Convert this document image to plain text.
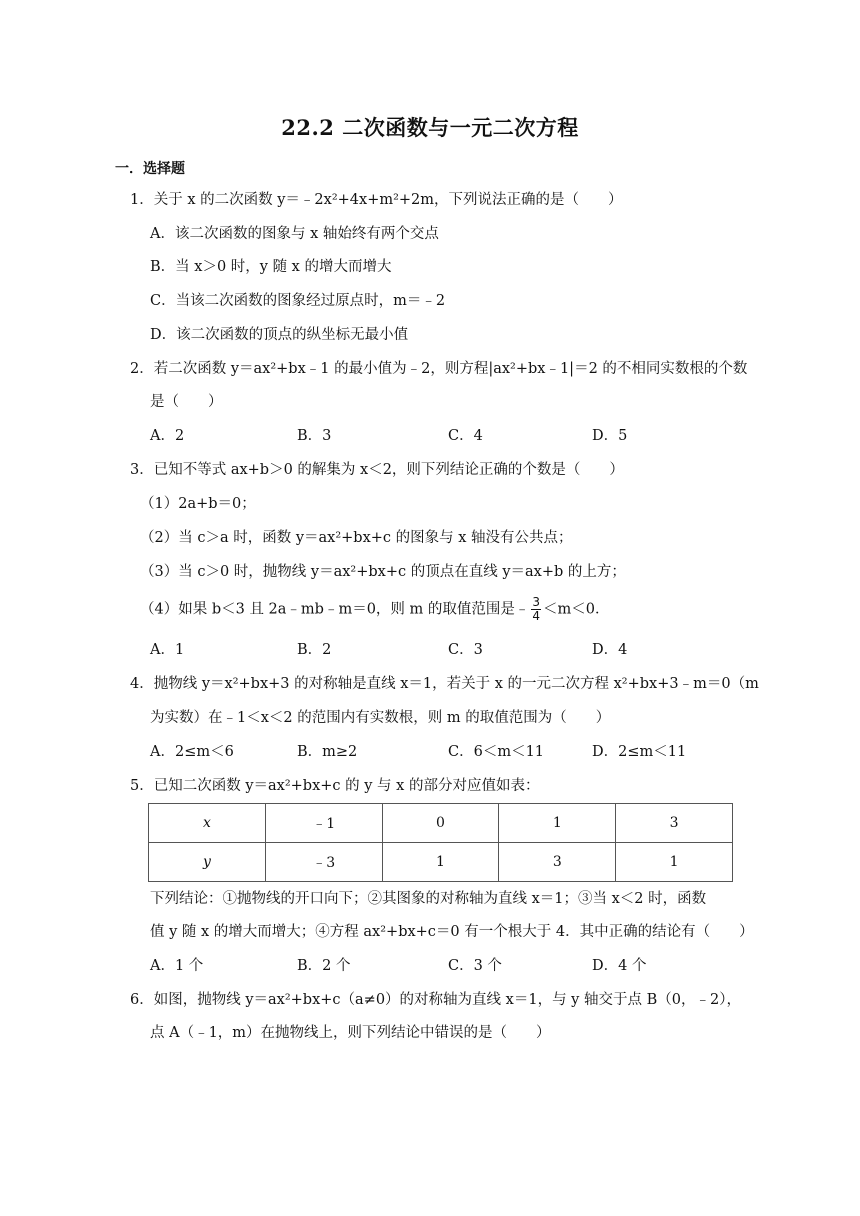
22.2 二次函数与一元二次方程
一．选择题
1．关于 x 的二次函数 y＝﹣2x²+4x+m²+2m，下列说法正确的是（　　）
A．该二次函数的图象与 x 轴始终有两个交点
B．当 x＞0 时，y 随 x 的增大而增大
C．当该二次函数的图象经过原点时，m＝﹣2
D．该二次函数的顶点的纵坐标无最小值
2．若二次函数 y＝ax²+bx﹣1 的最小值为﹣2，则方程|ax²+bx﹣1|＝2 的不相同实数根的个数
是（　　）
A．2	B．3	C．4	D．5
3．已知不等式 ax+b＞0 的解集为 x＜2，则下列结论正确的个数是（　　）
（1）2a+b＝0；
（2）当 c＞a 时，函数 y＝ax²+bx+c 的图象与 x 轴没有公共点；
（3）当 c＞0 时，抛物线 y＝ax²+bx+c 的顶点在直线 y＝ax+b 的上方；
（4）如果 b＜3 且 2a﹣mb﹣m＝0，则 m 的取值范围是﹣ $\frac{3}{4} <m<0$．
A．1	B．2	C．3	D．4
4．抛物线 y＝x²+bx+3 的对称轴是直线 x＝1，若关于 x 的一元二次方程 x²+bx+3﹣m＝0（m
为实数）在﹣1＜x＜2 的范围内有实数根，则 m 的取值范围为（　　）
A．2≤m＜6	B．m≥2	C．6＜m＜11	D．2≤m＜11
5．已知二次函数 y＝ax²+bx+c 的 y 与 x 的部分对应值如表：
x	﹣1	0	1	3
y	﹣3	1	3	1
下列结论：①抛物线的开口向下；②其图象的对称轴为直线 x＝1；③当 x＜2 时，函数
值 y 随 x 的增大而增大；④方程 ax²+bx+c＝0 有一个根大于 4．其中正确的结论有（　　）
A．1 个	B．2 个	C．3 个	D．4 个
6．如图，抛物线 y＝ax²+bx+c（a≠0）的对称轴为直线 x＝1，与 y 轴交于点 B（0，﹣2），
点 A（﹣1，m）在抛物线上，则下列结论中错误的是（　　）
